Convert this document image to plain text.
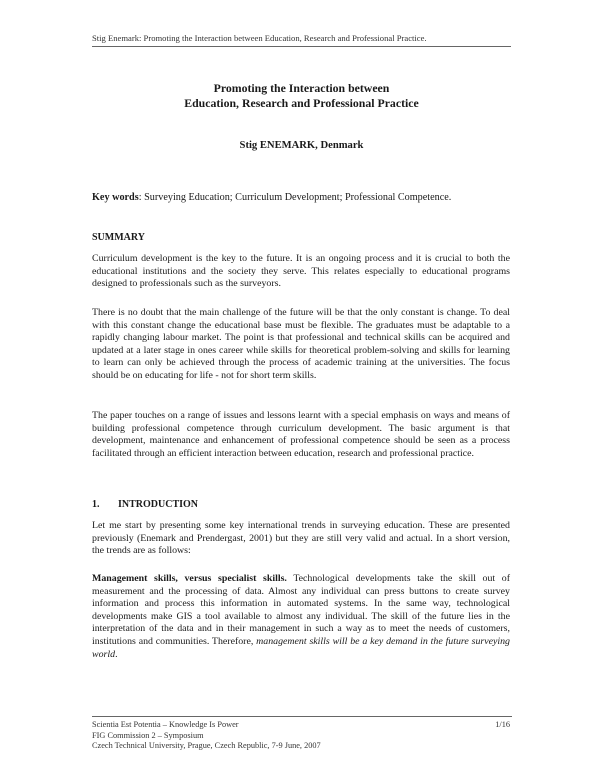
Stig Enemark: Promoting the Interaction between Education, Research and Professional Practice.
Promoting the Interaction between
Education, Research and Professional Practice
Stig ENEMARK, Denmark
Key words: Surveying Education; Curriculum Development; Professional Competence.
SUMMARY

Curriculum development is the key to the future. It is an ongoing process and it is crucial to both the educational institutions and the society they serve. This relates especially to educational programs designed to professionals such as the surveyors.

There is no doubt that the main challenge of the future will be that the only constant is change. To deal with this constant change the educational base must be flexible. The graduates must be adaptable to a rapidly changing labour market. The point is that professional and technical skills can be acquired and updated at a later stage in ones career while skills for theoretical problem-solving and skills for learning to learn can only be achieved through the process of academic training at the universities. The focus should be on educating for life - not for short term skills.

The paper touches on a range of issues and lessons learnt with a special emphasis on ways and means of building professional competence through curriculum development. The basic argument is that development, maintenance and enhancement of professional competence should be seen as a process facilitated through an efficient interaction between education, research and professional practice.

1. INTRODUCTION

Let me start by presenting some key international trends in surveying education. These are presented previously (Enemark and Prendergast, 2001) but they are still very valid and actual. In a short version, the trends are as follows:

Management skills, versus specialist skills. Technological developments take the skill out of measurement and the processing of data. Almost any individual can press buttons to create survey information and process this information in automated systems. In the same way, technological developments make GIS a tool available to almost any individual. The skill of the future lies in the interpretation of the data and in their management in such a way as to meet the needs of customers, institutions and communities. Therefore, management skills will be a key demand in the future surveying world.

Scientia Est Potentia – Knowledge Is Power
FIG Commission 2 – Symposium
Czech Technical University, Prague, Czech Republic, 7-9 June, 2007
1/16
